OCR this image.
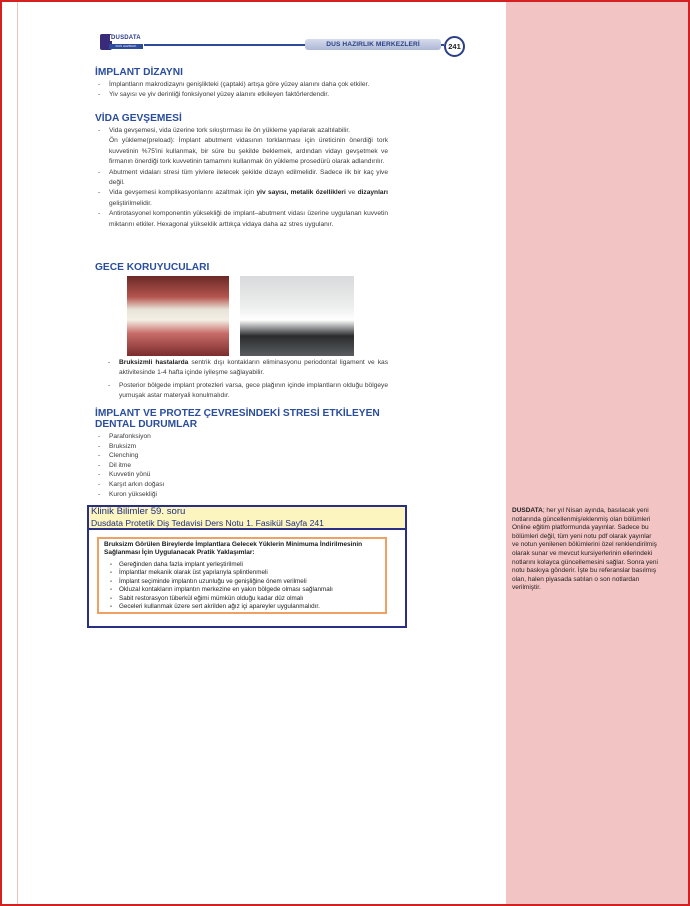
DUSDATA
DUS HAZIRLIK MERKEZLERİ
DUS HAZIRLIK MERKEZLERİ	241
İMPLANT DİZAYNI
- İmplantların makrodizaynı genişlikteki (çaptaki) artışa göre yüzey alanını daha çok etkiler.
- Yiv sayısı ve yiv derinliği fonksiyonel yüzey alanını etkileyen faktörlerdendir.
VİDA GEVŞEMESİ
- Vida gevşemesi, vida üzerine tork sıkıştırması ile ön yükleme yapılarak azaltılabilir.
Ön yükleme(preload): İmplant abutment vidasının torklanması için üreticinin önerdiği tork kuvvetinin %75'ini kullanmak, bir süre bu şekilde beklemek, ardından vidayı gevşetmek ve firmanın önerdiği tork kuvvetinin tamamını kullanmak ön yükleme prosedürü olarak adlandırılır.
- Abutment vidaları stresi tüm yivlere iletecek şekilde dizayn edilmelidir. Sadece ilk bir kaç yive değil.
- Vida gevşemesi komplikasyonlarını azaltmak için yiv sayısı, metalik özellikleri ve dizaynları geliştirilmelidir.
- Antirotasyonel komponentin yüksekliği de implant–abutment vidası üzerine uygulanan kuvvetin miktarını etkiler. Hexagonal yükseklik arttıkça vidaya daha az stres uygulanır.
GECE KORUYUCULARI
- Bruksizmli hastalarda sentrik dışı kontakların eliminasyonu periodontal ligament ve kas aktivitesinde 1-4 hafta içinde iyileşme sağlayabilir.
- Posterior bölgede implant protezleri varsa, gece plağının içinde implantların olduğu bölgeye yumuşak astar materyali konulmalıdır.
İMPLANT VE PROTEZ ÇEVRESİNDEKİ STRESİ ETKİLEYEN
DENTAL DURUMLAR
- Parafonksiyon
- Bruksizm
- Clenching
- Dil itme
- Kuvvetin yönü
- Karşıt arkın doğası
- Kuron yüksekliği
Klinik Bilimler 59. soru
Dusdata Protetik Diş Tedavisi Ders Notu 1. Fasikül Sayfa 241
Bruksizm Görülen Bireylerde İmplantlara Gelecek Yüklerin Minimuma İndirilmesinin Sağlanması İçin Uygulanacak Pratik Yaklaşımlar:
- Gereğinden daha fazla implant yerleştirilmeli
- İmplantlar mekanik olarak üst yapılarıyla splintlenmeli
- İmplant seçiminde implantın uzunluğu ve genişliğine önem verilmeli
- Okluzal kontakların implantın merkezine en yakın bölgede olması sağlanmalı
- Sabit restorasyon tüberkül eğimi mümkün olduğu kadar düz olmalı
- Geceleri kullanmak üzere sert akrilden ağız içi apareyler uygulanmalıdır.
DUSDATA; her yıl Nisan ayında, basılacak yeni notlarında güncellenmiş/eklenmiş olan bölümleri Online eğitim platformunda yayınlar. Sadece bu bölümleri değil, tüm yeni notu pdf olarak yayınlar ve notun yenilenen bölümlerini özel renklendirilmiş olarak sunar ve mevcut kursiyerlerinin ellerindeki notlarını kolayca güncellemesini sağlar. Sonra yeni notu baskıya gönderir. İşte bu referanslar basılmış olan, halen piyasada satılan o son notlardan verilmiştir.
